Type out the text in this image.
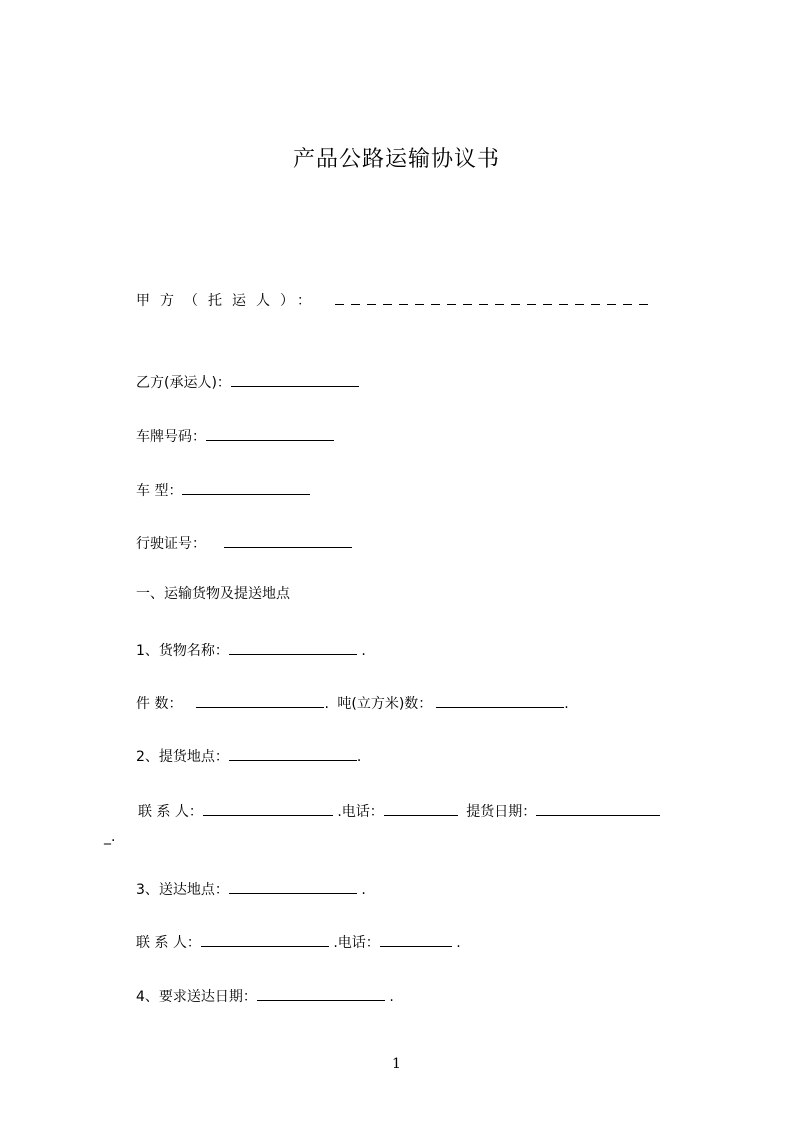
产品公路运输协议书
甲方（托运人）：
乙方(承运人)：
车牌号码：
车 型：
行驶证号：
一、运输货物及提送地点
1、货物名称：	.
件 数：	. 吨(立方米)数：	.
2、提货地点：	.
联 系 人：	.电话：	提货日期：
_.
3、送达地点：	.
联 系 人：	.电话：	.
4、要求送达日期：	.
1
